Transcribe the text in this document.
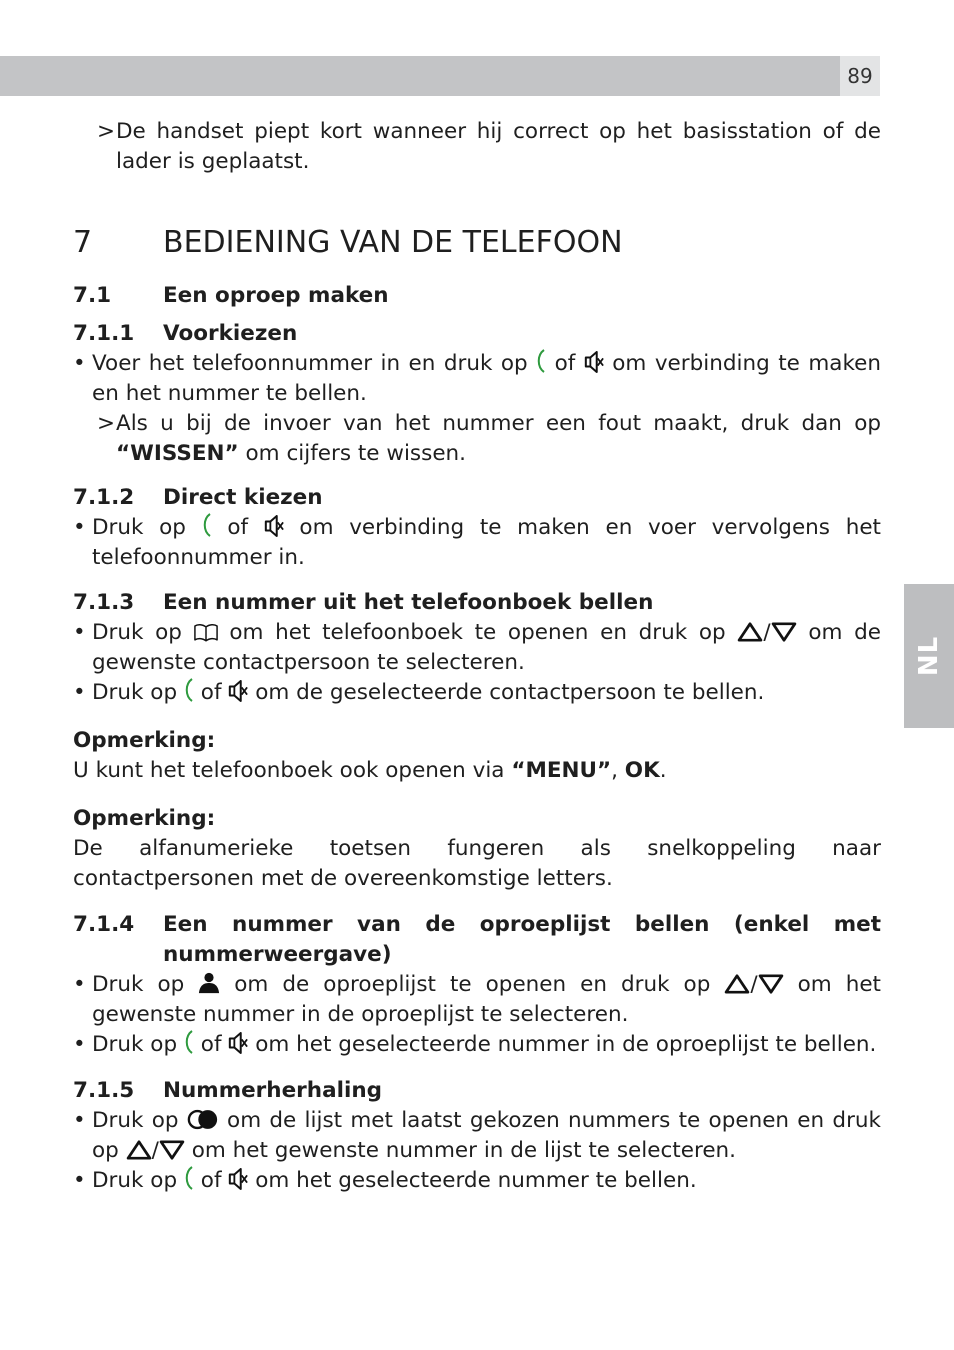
89
NL

> De handset piept kort wanneer hij correct op het basisstation of de lader is geplaatst.

7 BEDIENING VAN DE TELEFOON
7.1 Een oproep maken
7.1.1 Voorkiezen

• Voer het telefoonnummer in en druk op  of  om verbinding te maken en het nummer te bellen.

> Als u bij de invoer van het nummer een fout maakt, druk dan op “WISSEN” om cijfers te wissen.

7.1.2 Direct kiezen

• Druk op  of  om verbinding te maken en voer vervolgens het telefoonnummer in.

7.1.3 Een nummer uit het telefoonboek bellen

• Druk op  om het telefoonboek te openen en druk op / om de gewenste contactpersoon te selecteren.

• Druk op  of  om de geselecteerde contactpersoon te bellen.

Opmerking:

U kunt het telefoonboek ook openen via “MENU”, OK.

Opmerking:

De alfanumerieke toetsen fungeren als snelkoppeling naar contactpersonen met de overeenkomstige letters.

7.1.4 Een nummer van de oproeplijst bellen (enkel met nummerweergave)

• Druk op  om de oproeplijst te openen en druk op / om het gewenste nummer in de oproeplijst te selecteren.

• Druk op  of  om het geselecteerde nummer in de oproeplijst te bellen.

7.1.5 Nummerherhaling

• Druk op  om de lijst met laatst gekozen nummers te openen en druk op / om het gewenste nummer in de lijst te selecteren.

• Druk op  of  om het geselecteerde nummer te bellen.
